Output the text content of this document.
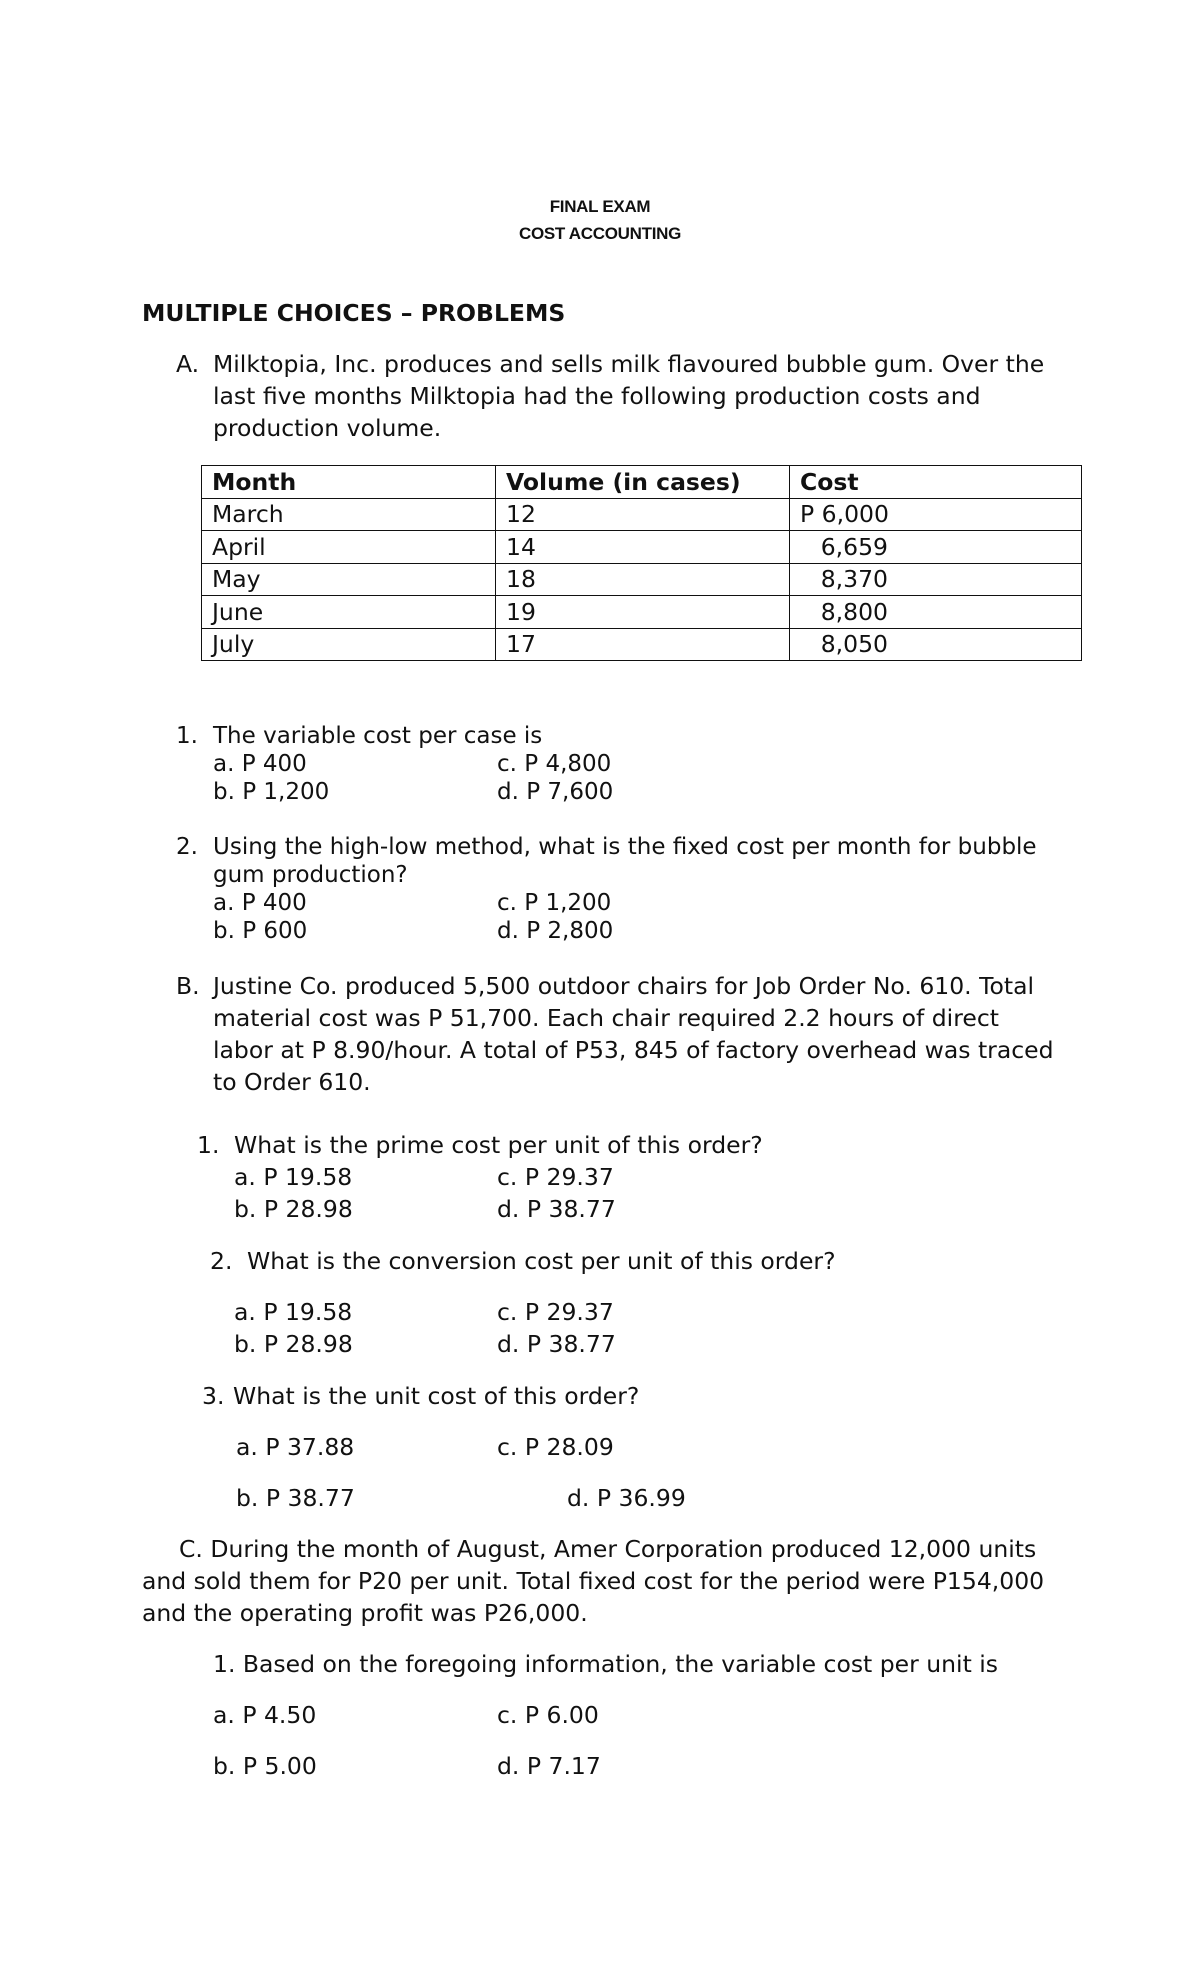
FINAL EXAM
COST ACCOUNTING
MULTIPLE CHOICES – PROBLEMS
A. Milktopia, Inc. produces and sells milk flavoured bubble gum. Over the
last five months Milktopia had the following production costs and
production volume.
Month	Volume (in cases)	Cost
March	12	P 6,000
April	14	6,659
May	18	8,370
June	19	8,800
July	17	8,050
1. The variable cost per case is
a. P 400	c. P 4,800
b. P 1,200	d. P 7,600
2. Using the high-low method, what is the fixed cost per month for bubble
gum production?
a. P 400	c. P 1,200
b. P 600	d. P 2,800
B. Justine Co. produced 5,500 outdoor chairs for Job Order No. 610. Total
material cost was P 51,700. Each chair required 2.2 hours of direct
labor at P 8.90/hour. A total of P53, 845 of factory overhead was traced
to Order 610.
1. What is the prime cost per unit of this order?
a. P 19.58	c. P 29.37
b. P 28.98	d. P 38.77
2. What is the conversion cost per unit of this order?
a. P 19.58	c. P 29.37
b. P 28.98	d. P 38.77
3. What is the unit cost of this order?
a. P 37.88	c. P 28.09
b. P 38.77	d. P 36.99
C. During the month of August, Amer Corporation produced 12,000 units
and sold them for P20 per unit. Total fixed cost for the period were P154,000
and the operating profit was P26,000.
1. Based on the foregoing information, the variable cost per unit is
a. P 4.50	c. P 6.00
b. P 5.00	d. P 7.17
